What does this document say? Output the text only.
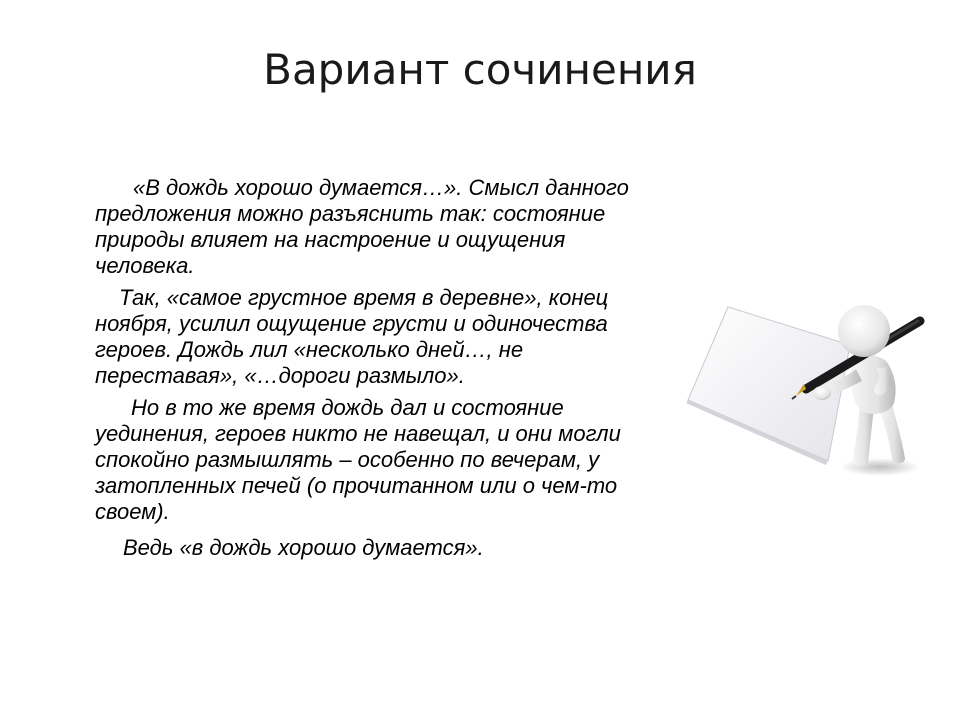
Вариант сочинения

«В дождь хорошо думается…». Смысл данного предложения можно разъяснить так: состояние природы влияет на настроение и ощущения человека.

Так, «самое грустное время в деревне», конец ноября, усилил ощущение грусти и одиночества героев. Дождь лил «несколько дней…, не переставая», «…дороги размыло».

Но в то же время дождь дал и состояние уединения, героев никто не навещал, и они могли спокойно размышлять – особенно по вечерам, у затопленных печей (о прочитанном или о чем-то своем).

Ведь «в дождь хорошо думается».
